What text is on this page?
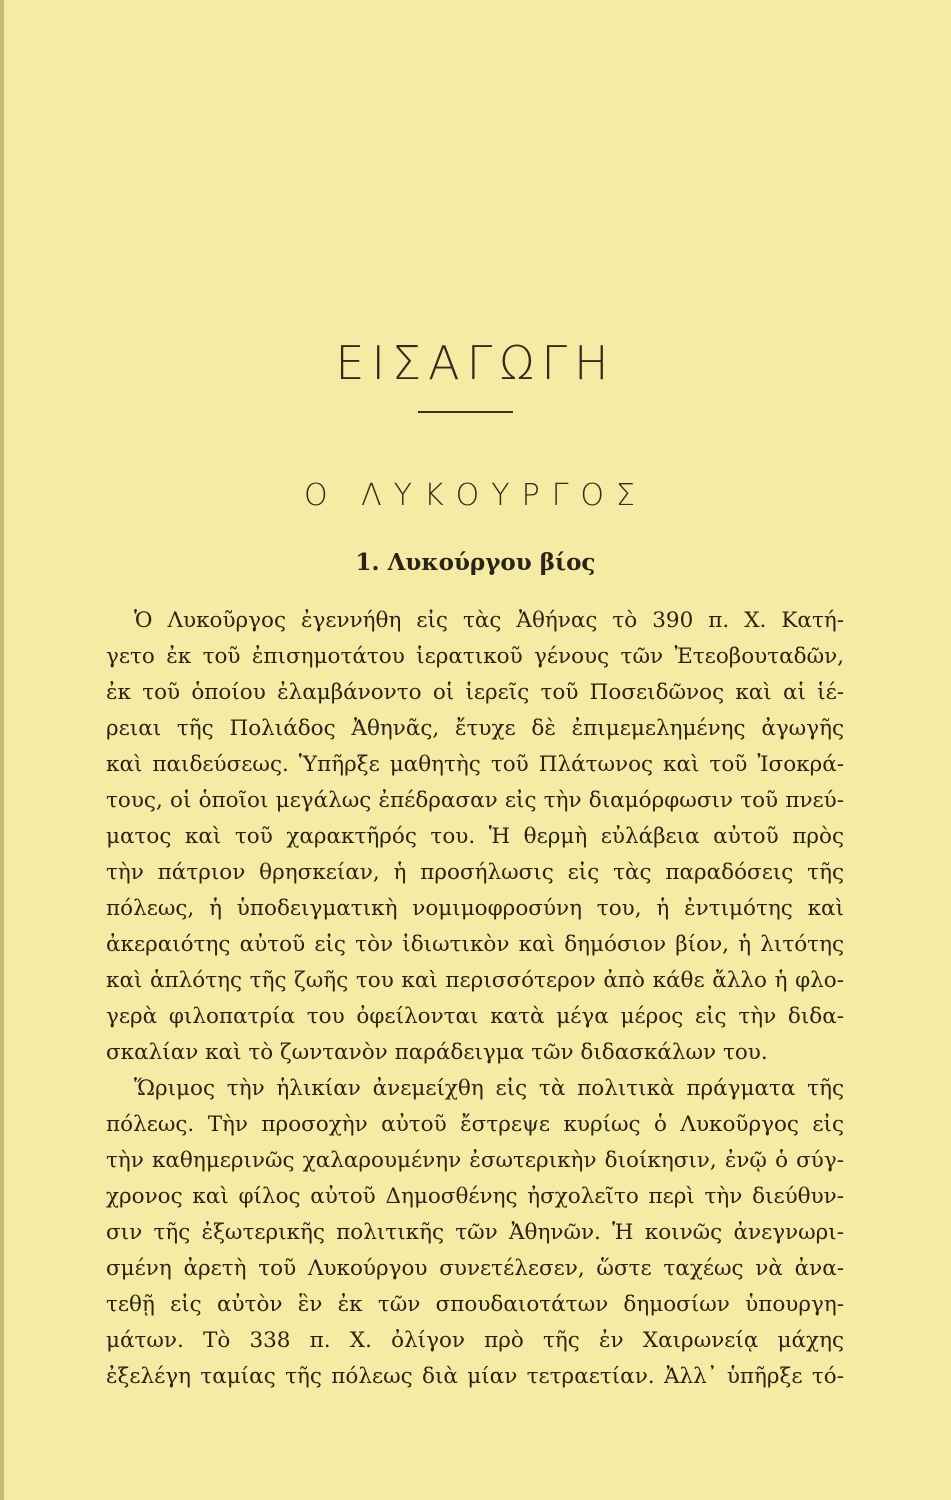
ΕΙΣΑΓΩΓΗ
Ο ΛΥΚΟΥΡΓΟΣ
1. Λυκούργου βίος
Ὁ Λυκοῦργος ἐγεννήθη εἰς τὰς Ἀθήνας τὸ 390 π. Χ. Κατή-
γετο ἐκ τοῦ ἐπισημοτάτου ἱερατικοῦ γένους τῶν Ἐτεοβουταδῶν,
ἐκ τοῦ ὁποίου ἐλαμβάνοντο οἱ ἱερεῖς τοῦ Ποσειδῶνος καὶ αἱ ἱέ-
ρειαι τῆς Πολιάδος Ἀθηνᾶς, ἔτυχε δὲ ἐπιμεμελημένης ἀγωγῆς
καὶ παιδεύσεως. Ὑπῆρξε μαθητὴς τοῦ Πλάτωνος καὶ τοῦ Ἰσοκρά-
τους, οἱ ὁποῖοι μεγάλως ἐπέδρασαν εἰς τὴν διαμόρφωσιν τοῦ πνεύ-
ματος καὶ τοῦ χαρακτῆρός του. Ἡ θερμὴ εὐλάβεια αὐτοῦ πρὸς
τὴν πάτριον θρησκείαν, ἡ προσήλωσις εἰς τὰς παραδόσεις τῆς
πόλεως, ἡ ὑποδειγματικὴ νομιμοφροσύνη του, ἡ ἐντιμότης καὶ
ἀκεραιότης αὐτοῦ εἰς τὸν ἰδιωτικὸν καὶ δημόσιον βίον, ἡ λιτότης
καὶ ἁπλότης τῆς ζωῆς του καὶ περισσότερον ἀπὸ κάθε ἄλλο ἡ φλο-
γερὰ φιλοπατρία του ὀφείλονται κατὰ μέγα μέρος εἰς τὴν διδα-
σκαλίαν καὶ τὸ ζωντανὸν παράδειγμα τῶν διδασκάλων του.
Ὥριμος τὴν ἡλικίαν ἀνεμείχθη εἰς τὰ πολιτικὰ πράγματα τῆς
πόλεως. Τὴν προσοχὴν αὐτοῦ ἔστρεψε κυρίως ὁ Λυκοῦργος εἰς
τὴν καθημερινῶς χαλαρουμένην ἐσωτερικὴν διοίκησιν, ἐνῷ ὁ σύγ-
χρονος καὶ φίλος αὐτοῦ Δημοσθένης ἠσχολεῖτο περὶ τὴν διεύθυν-
σιν τῆς ἐξωτερικῆς πολιτικῆς τῶν Ἀθηνῶν. Ἡ κοινῶς ἀνεγνωρι-
σμένη ἀρετὴ τοῦ Λυκούργου συνετέλεσεν, ὥστε ταχέως νὰ ἀνα-
τεθῇ εἰς αὐτὸν ἓν ἐκ τῶν σπουδαιοτάτων δημοσίων ὑπουργη-
μάτων. Τὸ 338 π. Χ. ὀλίγον πρὸ τῆς ἐν Χαιρωνείᾳ μάχης
ἐξελέγη ταμίας τῆς πόλεως διὰ μίαν τετραετίαν. Ἀλλ᾽ ὑπῆρξε τό-
